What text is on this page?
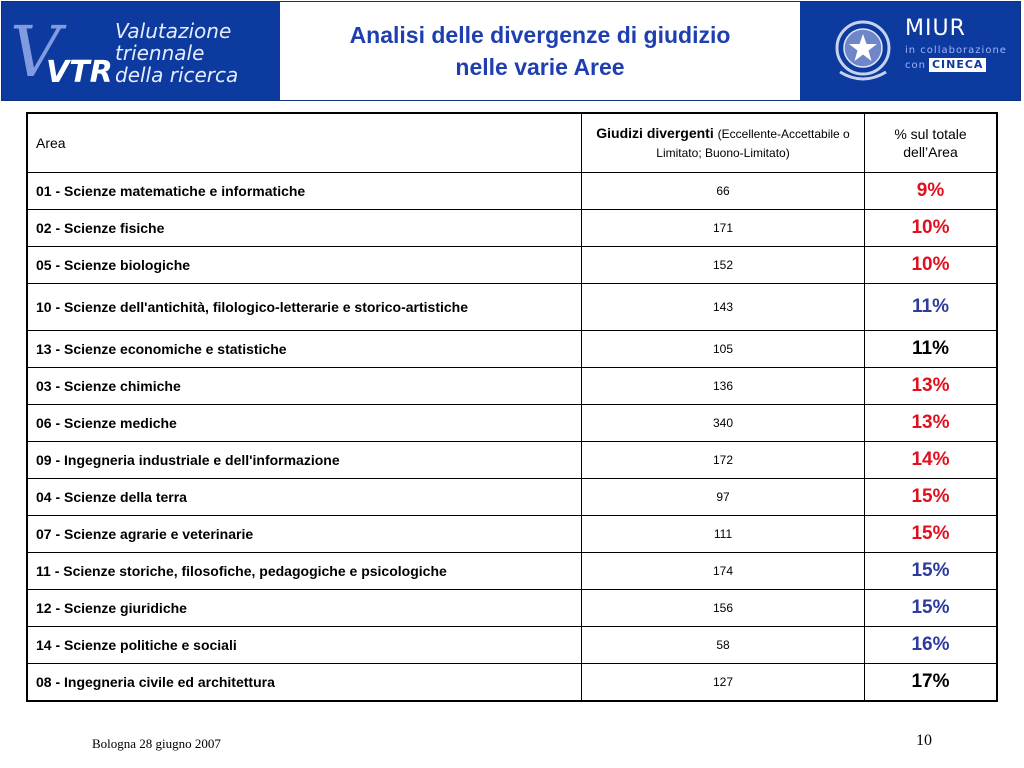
V
VTR
Valutazione
triennale
della ricerca
Analisi delle divergenze di giudizio
nelle varie Aree
MIUR
in collaborazione
con CINECA
Area	Giudizi divergenti (Eccellente-Accettabile o Limitato; Buono-Limitato)	% sul totale dell’Area
01 - Scienze matematiche e informatiche	66	9%
02 - Scienze fisiche	171	10%
05 - Scienze biologiche	152	10%
10 - Scienze dell'antichità, filologico-letterarie e storico-artistiche	143	11%
13 - Scienze economiche e statistiche	105	11%
03 - Scienze chimiche	136	13%
06 - Scienze mediche	340	13%
09 - Ingegneria industriale e dell'informazione	172	14%
04 - Scienze della terra	97	15%
07 - Scienze agrarie e veterinarie	111	15%
11 - Scienze storiche, filosofiche, pedagogiche e psicologiche	174	15%
12 - Scienze giuridiche	156	15%
14 - Scienze politiche e sociali	58	16%
08 - Ingegneria civile ed architettura	127	17%
Bologna 28 giugno 2007	10
